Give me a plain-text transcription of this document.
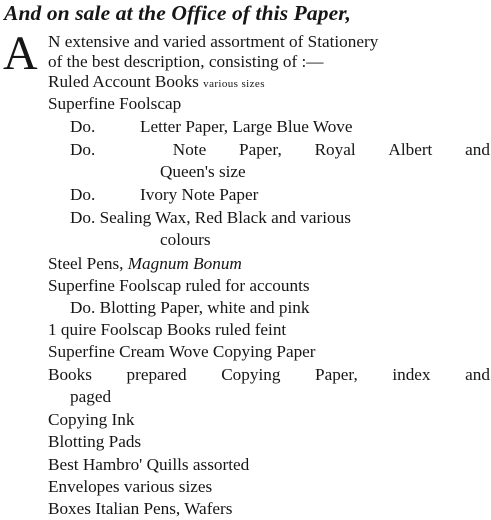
And on sale at the Office of this Paper,
A N extensive and varied assortment of Stationery
of the best description, consisting of :—
Ruled Account Books various sizes
Superfine Foolscap
Do.	Letter Paper, Large Blue Wove
Do.	Note Paper, Royal Albert and
Queen's size
Do.	Ivory Note Paper
Do. Sealing Wax, Red Black and various
colours
Steel Pens, Magnum Bonum
Superfine Foolscap ruled for accounts
Do. Blotting Paper, white and pink
1 quire Foolscap Books ruled feint
Superfine Cream Wove Copying Paper
Books prepared Copying Paper, index and
paged
Copying Ink
Blotting Pads
Best Hambro' Quills assorted
Envelopes various sizes
Boxes Italian Pens, Wafers
